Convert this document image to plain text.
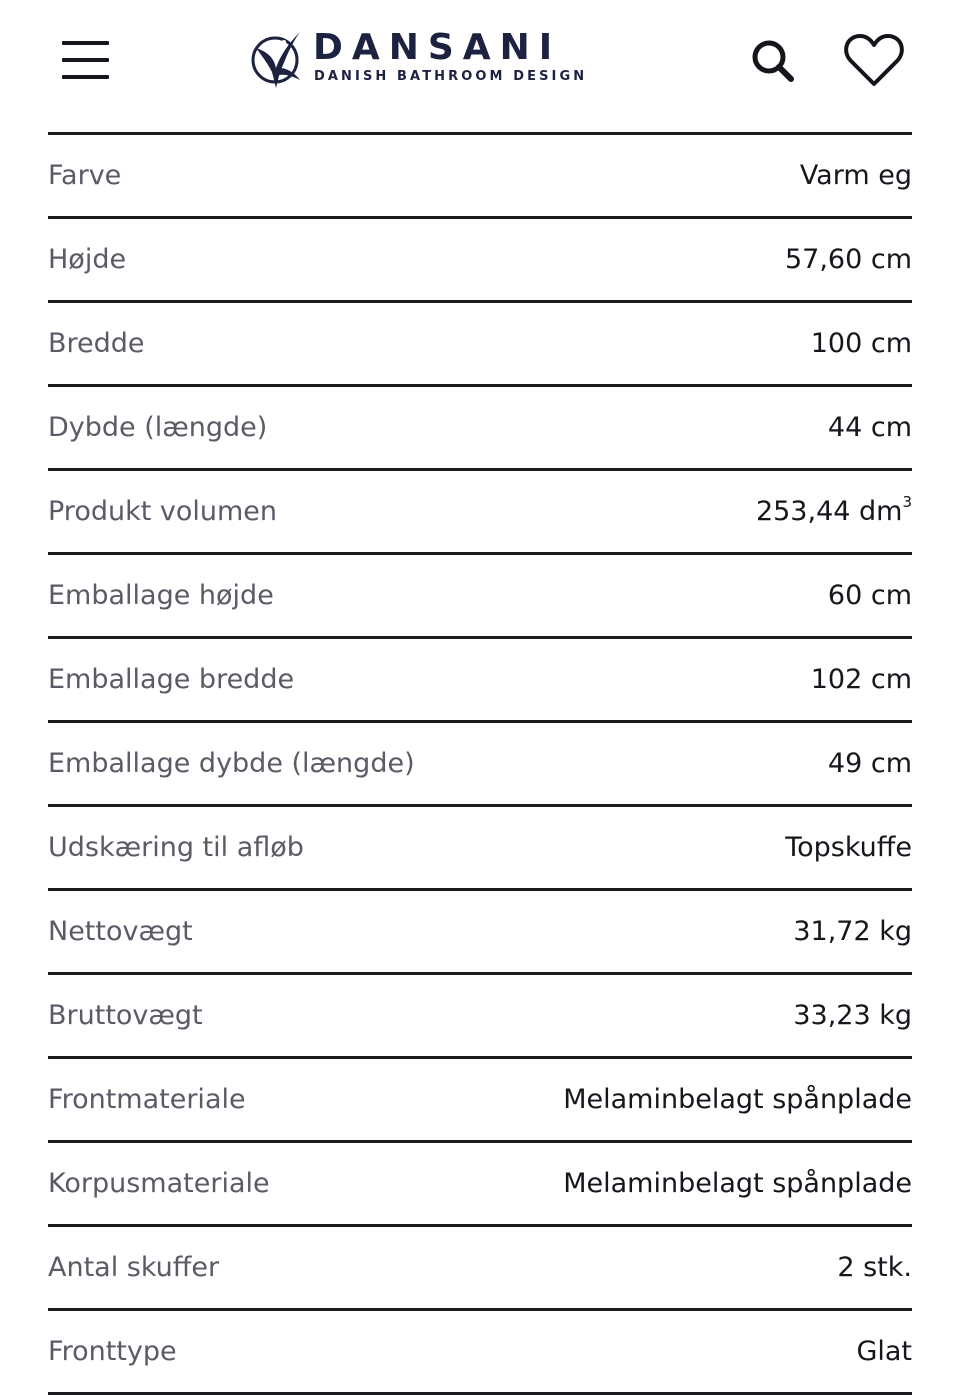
DANSANI
DANISH BATHROOM DESIGN
Farve	Varm eg
Højde	57,60 cm
Bredde	100 cm
Dybde (længde)	44 cm
Produkt volumen	253,44 $dm^3$
Emballage højde	60 cm
Emballage bredde	102 cm
Emballage dybde (længde)	49 cm
Udskæring til afløb	Topskuffe
Nettovægt	31,72 kg
Bruttovægt	33,23 kg
Frontmateriale	Melaminbelagt spånplade
Korpusmateriale	Melaminbelagt spånplade
Antal skuffer	2 stk.
Fronttype	Glat
